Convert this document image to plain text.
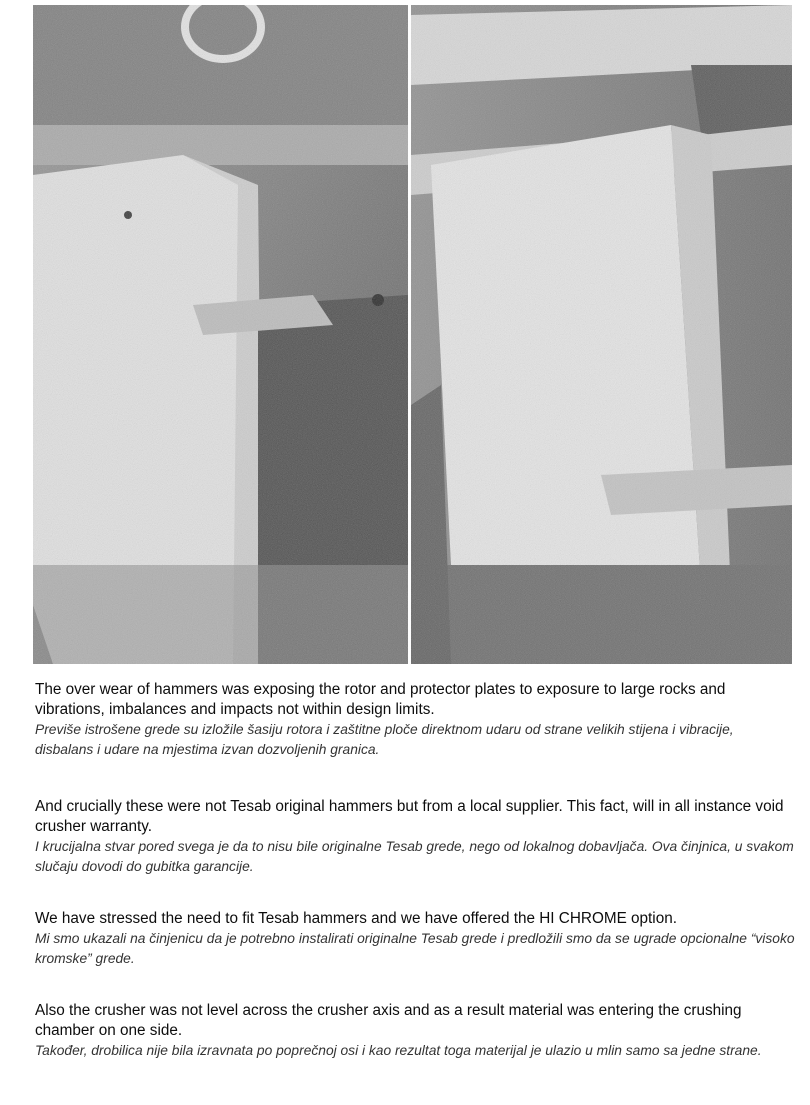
The over wear of hammers was exposing the rotor and protector plates to exposure to large rocks and vibrations, imbalances and impacts not within design limits.

Previše istrošene grede su izložile šasiju rotora i zaštitne ploče direktnom udaru od strane velikih stijena i vibracije, disbalans i udare na mjestima izvan dozvoljenih granica.

And crucially these were not Tesab original hammers but from a local supplier. This fact, will in all instance void crusher warranty.

I krucijalna stvar pored svega je da to nisu bile originalne Tesab grede, nego od lokalnog dobavljača. Ova činjnica, u svakom slučaju dovodi do gubitka garancije.

We have stressed the need to fit Tesab hammers and we have offered the HI CHROME option.

Mi smo ukazali na činjenicu da je potrebno instalirati originalne Tesab grede i predložili smo da se ugrade opcionalne “visoko kromske” grede.

Also the crusher was not level across the crusher axis and as a result material was entering the crushing chamber on one side.

Također, drobilica nije bila izravnata po poprečnoj osi i kao rezultat toga materijal je ulazio u mlin samo sa jedne strane.
